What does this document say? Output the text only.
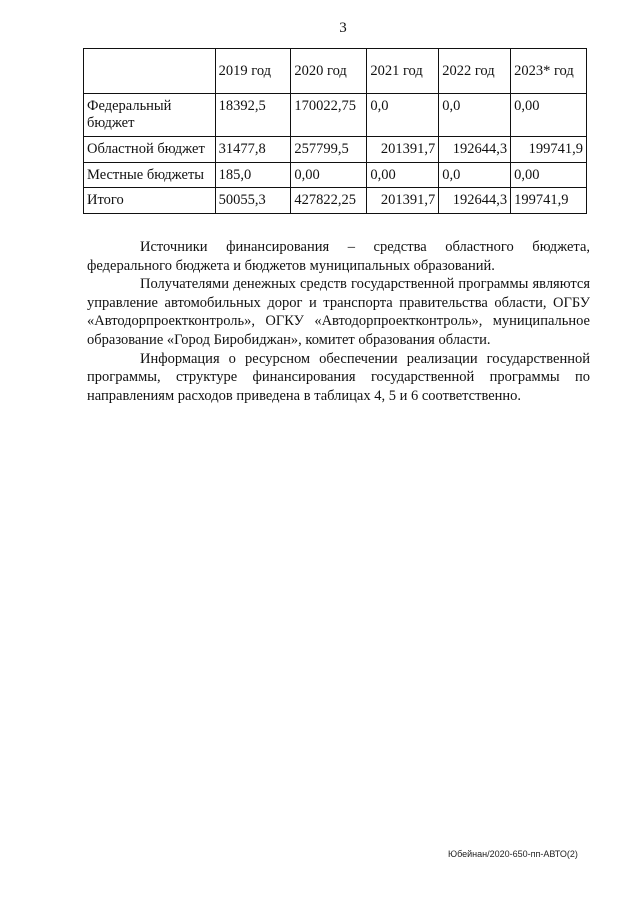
3
	2019 год	2020 год	2021 год	2022 год	2023* год
Федеральный бюджет	18392,5	170022,75	0,0	0,0	0,00
Областной бюджет	31477,8	257799,5	201391,7	192644,3	199741,9
Местные бюджеты	185,0	0,00	0,00	0,0	0,00
Итого	50055,3	427822,25	201391,7	192644,3	199741,9

Источники финансирования – средства областного бюджета, федерального бюджета и бюджетов муниципальных образований.

Получателями денежных средств государственной программы являются управление автомобильных дорог и транспорта правительства области, ОГБУ «Автодорпроектконтроль», ОГКУ «Автодорпроектконтроль», муниципальное образование «Город Биробиджан», комитет образования области.

Информация о ресурсном обеспечении реализации государственной программы, структуре финансирования государственной программы по направлениям расходов приведена в таблицах 4, 5 и 6 соответственно.

Юбейнан/2020-650-пп-АВТО(2)
